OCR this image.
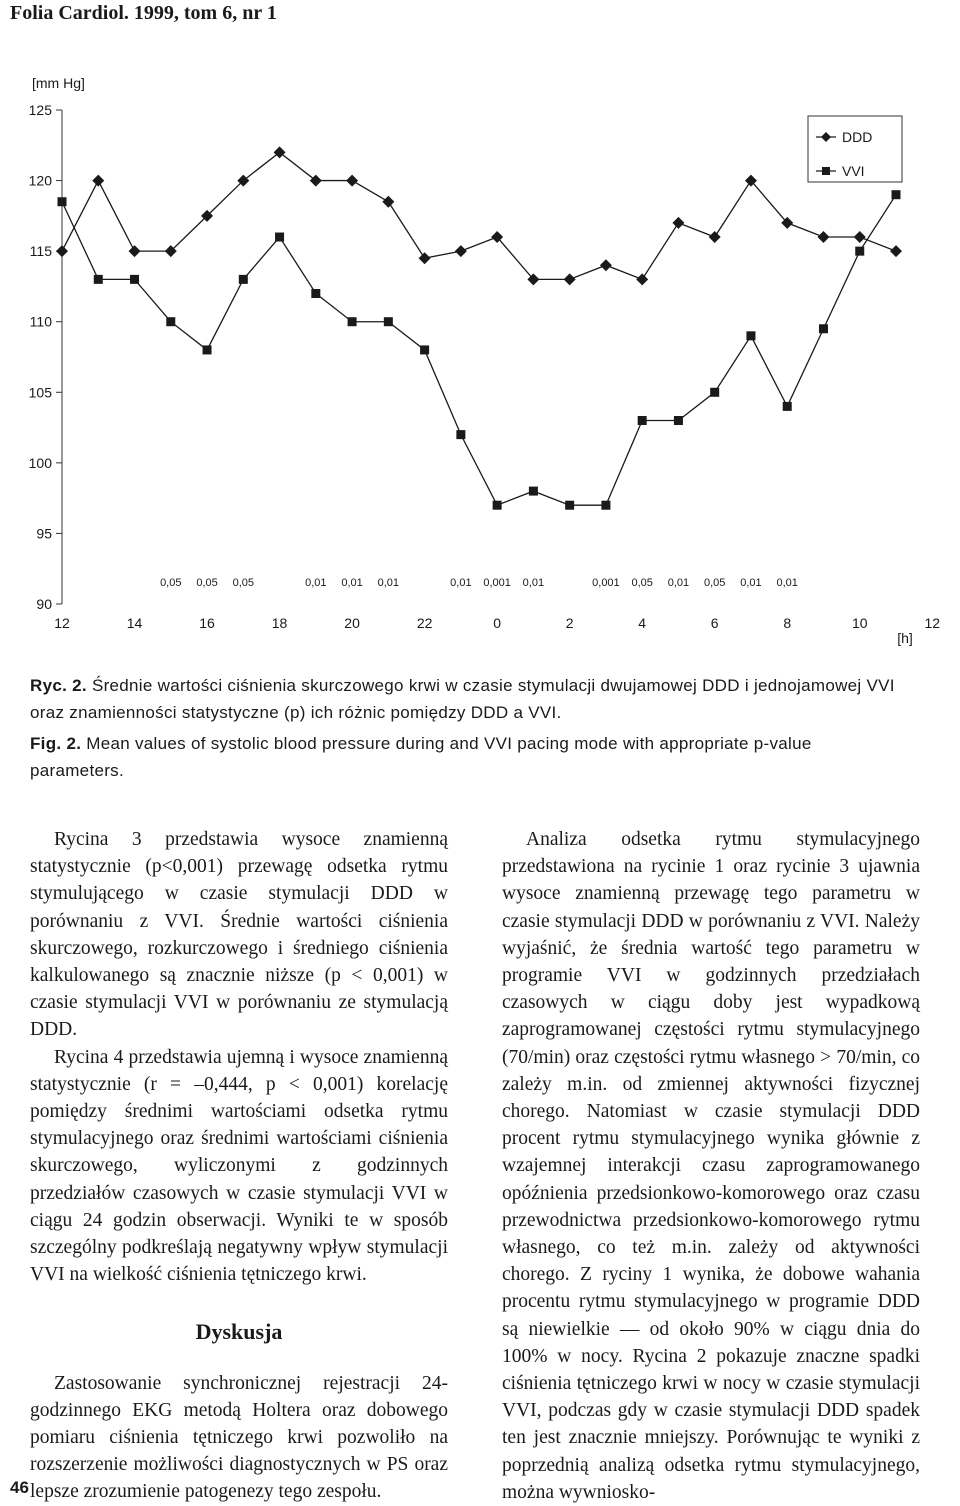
Folia Cardiol. 1999, tom 6, nr 1
[mm Hg]
90
95
100
105
110
115
120
125
12	14	16	18	20	22	0	2	4	6	8	10	12
[h]
0,05 0,05 0,05	0,01 0,01 0,01	0,01 0,001 0,01	0,001 0,05 0,01 0,05 0,01 0,01
DDD
VVI
Ryc. 2. Średnie wartości ciśnienia skurczowego krwi w czasie stymulacji dwujamowej DDD i jednojamowej VVI oraz znamienności statystyczne (p) ich różnic pomiędzy DDD a VVI.
Fig. 2. Mean values of systolic blood pressure during and VVI pacing mode with appropriate p-value parameters.

Rycina 3 przedstawia wysoce znamienną statystycznie (p<0,001) przewagę odsetka rytmu stymulującego w czasie stymulacji DDD w porównaniu z VVI. Średnie wartości ciśnienia skurczowego, rozkurczowego i średniego ciśnienia kalkulowanego są znacznie niższe (p < 0,001) w czasie stymulacji VVI w porównaniu ze stymulacją DDD.

Rycina 4 przedstawia ujemną i wysoce znamienną statystycznie (r = –0,444, p < 0,001) korelację pomiędzy średnimi wartościami odsetka rytmu stymulacyjnego oraz średnimi wartościami ciśnienia skurczowego, wyliczonymi z godzinnych przedziałów czasowych w czasie stymulacji VVI w ciągu 24 godzin obserwacji. Wyniki te w sposób szczególny podkreślają negatywny wpływ stymulacji VVI na wielkość ciśnienia tętniczego krwi.

Dyskusja

Zastosowanie synchronicznej rejestracji 24-godzinnego EKG metodą Holtera oraz dobowego pomiaru ciśnienia tętniczego krwi pozwoliło na rozszerzenie możliwości diagnostycznych w PS oraz lepsze zrozumienie patogenezy tego zespołu.

Analiza odsetka rytmu stymulacyjnego przedstawiona na rycinie 1 oraz rycinie 3 ujawnia wysoce znamienną przewagę tego parametru w czasie stymulacji DDD w porównaniu z VVI. Należy wyjaśnić, że średnia wartość tego parametru w programie VVI w godzinnych przedziałach czasowych w ciągu doby jest wypadkową zaprogramowanej częstości rytmu stymulacyjnego (70/min) oraz częstości rytmu własnego > 70/min, co zależy m.in. od zmiennej aktywności fizycznej chorego. Natomiast w czasie stymulacji DDD procent rytmu stymulacyjnego wynika głównie z wzajemnej interakcji czasu zaprogramowanego opóźnienia przedsionkowo-komorowego oraz czasu przewodnictwa przedsionkowo-komorowego rytmu własnego, co też m.in. zależy od aktywności chorego. Z ryciny 1 wynika, że dobowe wahania procentu rytmu stymulacyjnego w programie DDD są niewielkie — od około 90% w ciągu dnia do 100% w nocy. Rycina 2 pokazuje znaczne spadki ciśnienia tętniczego krwi w nocy w czasie stymulacji VVI, podczas gdy w czasie stymulacji DDD spadek ten jest znacznie mniejszy. Porównując te wyniki z poprzednią analizą odsetka rytmu stymulacyjnego, można wywniosko-

46
